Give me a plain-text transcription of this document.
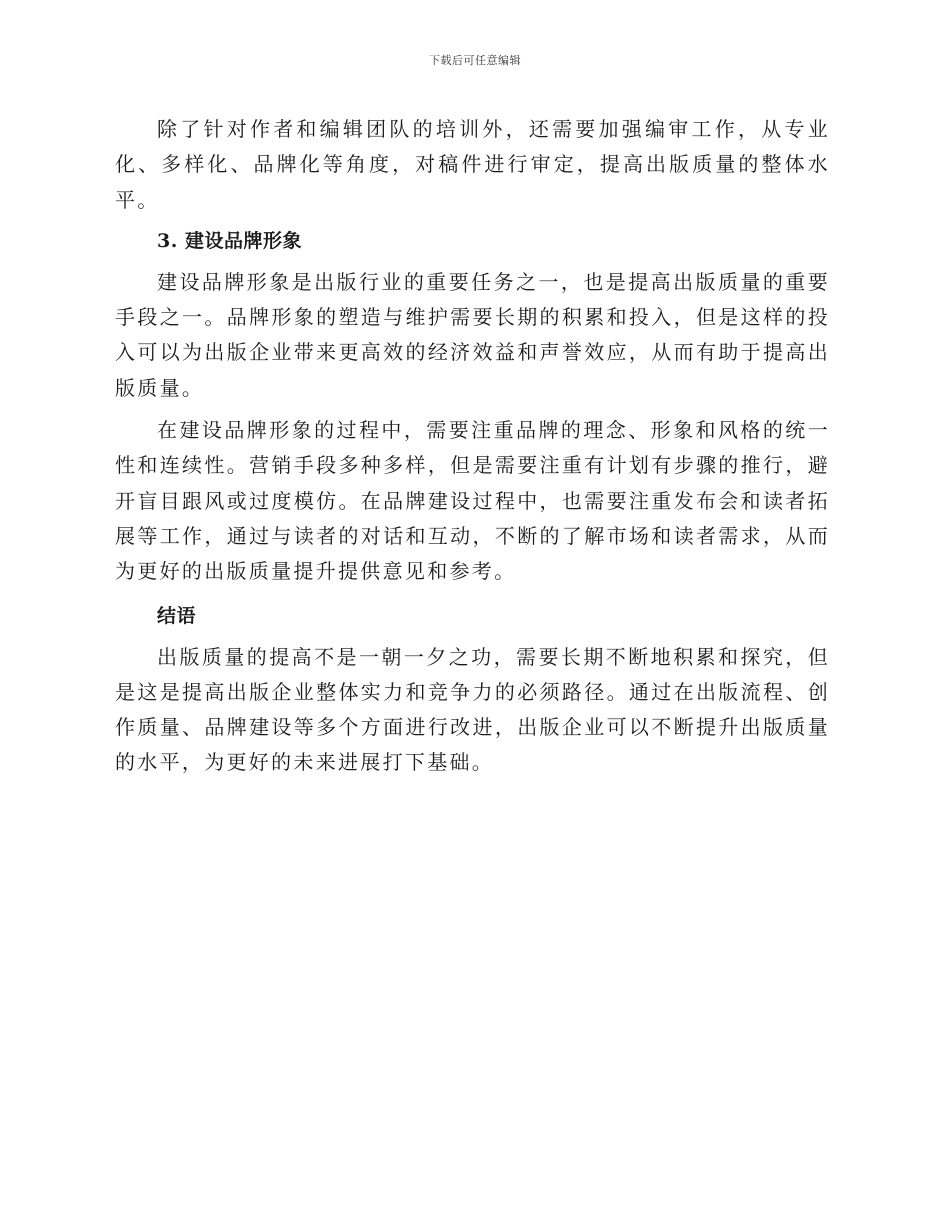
下载后可任意编辑

除了针对作者和编辑团队的培训外，还需要加强编审工作，从专业化、多样化、品牌化等角度，对稿件进行审定，提高出版质量的整体水平。

3. 建设品牌形象

建设品牌形象是出版行业的重要任务之一，也是提高出版质量的重要手段之一。品牌形象的塑造与维护需要长期的积累和投入，但是这样的投入可以为出版企业带来更高效的经济效益和声誉效应，从而有助于提高出版质量。

在建设品牌形象的过程中，需要注重品牌的理念、形象和风格的统一性和连续性。营销手段多种多样，但是需要注重有计划有步骤的推行，避开盲目跟风或过度模仿。在品牌建设过程中，也需要注重发布会和读者拓展等工作，通过与读者的对话和互动，不断的了解市场和读者需求，从而为更好的出版质量提升提供意见和参考。

结语

出版质量的提高不是一朝一夕之功，需要长期不断地积累和探究，但是这是提高出版企业整体实力和竞争力的必须路径。通过在出版流程、创作质量、品牌建设等多个方面进行改进，出版企业可以不断提升出版质量的水平，为更好的未来进展打下基础。
